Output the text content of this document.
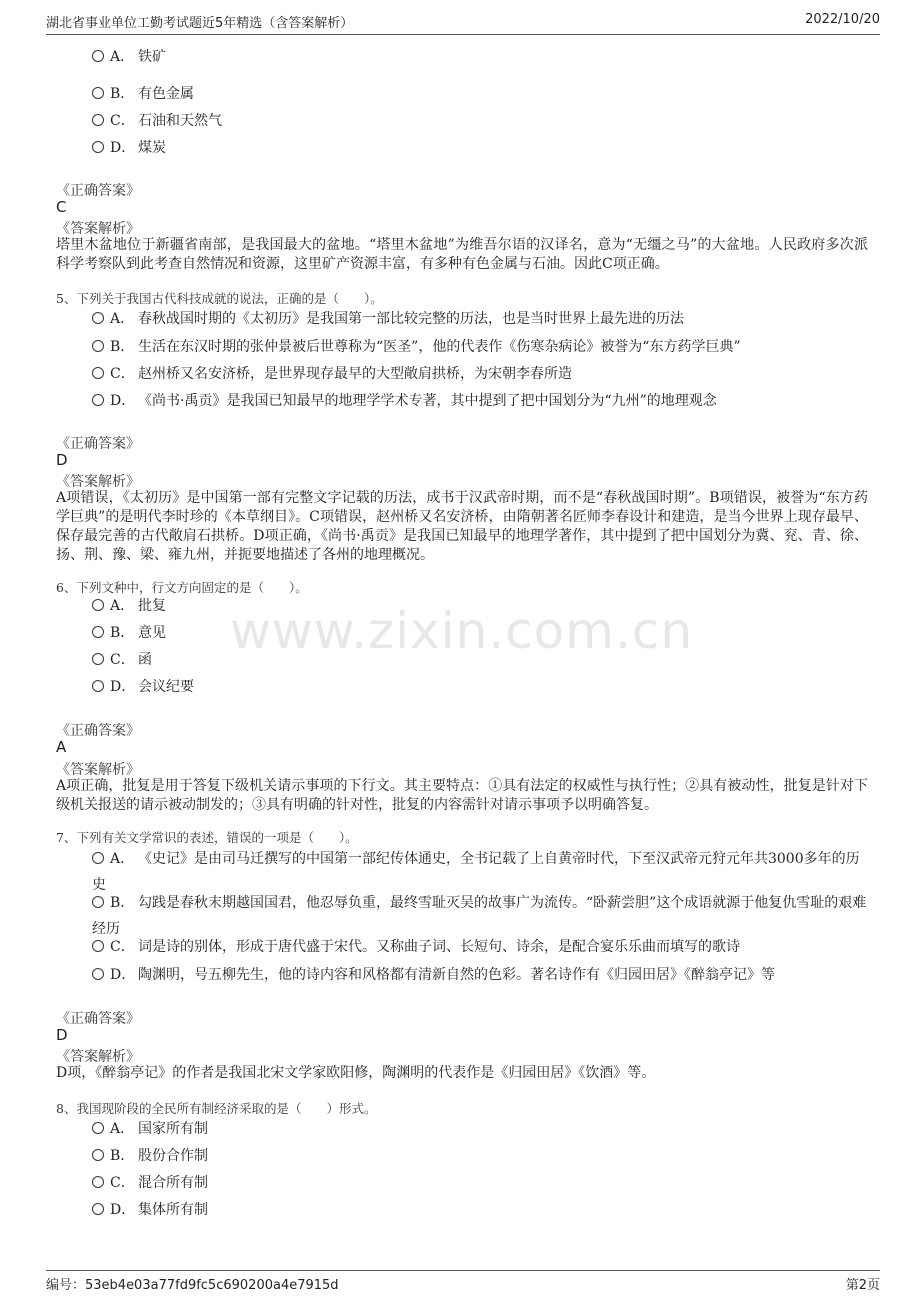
湖北省事业单位工勤考试题近5年精选（含答案解析）	2022/10/20
www.zixin.com.cn
A． 铁矿
B． 有色金属
C． 石油和天然气
D． 煤炭
《正确答案》
C
《答案解析》
塔里木盆地位于新疆省南部，是我国最大的盆地。“塔里木盆地”为维吾尔语的汉译名，意为“无缰之马”的大盆地。人民政府多次派科学考察队到此考查自然情况和资源，这里矿产资源丰富，有多种有色金属与石油。因此C项正确。
5、下列关于我国古代科技成就的说法，正确的是（　　）。
A． 春秋战国时期的《太初历》是我国第一部比较完整的历法，也是当时世界上最先进的历法
B． 生活在东汉时期的张仲景被后世尊称为“医圣”，他的代表作《伤寒杂病论》被誉为“东方药学巨典”
C． 赵州桥又名安济桥，是世界现存最早的大型敞肩拱桥，为宋朝李春所造
D． 《尚书·禹贡》是我国已知最早的地理学学术专著，其中提到了把中国划分为“九州”的地理观念
《正确答案》
D
《答案解析》
A项错误，《太初历》是中国第一部有完整文字记载的历法，成书于汉武帝时期，而不是“春秋战国时期”。B项错误，被誉为“东方药学巨典”的是明代李时珍的《本草纲目》。C项错误，赵州桥又名安济桥，由隋朝著名匠师李春设计和建造，是当今世界上现存最早、保存最完善的古代敞肩石拱桥。D项正确，《尚书·禹贡》是我国已知最早的地理学著作，其中提到了把中国划分为冀、兖、青、徐、扬、荆、豫、梁、雍九州，并扼要地描述了各州的地理概况。
6、下列文种中，行文方向固定的是（　　）。
A． 批复
B． 意见
C． 函
D． 会议纪要
《正确答案》
A
《答案解析》
A项正确，批复是用于答复下级机关请示事项的下行文。其主要特点：①具有法定的权威性与执行性；②具有被动性，批复是针对下级机关报送的请示被动制发的；③具有明确的针对性，批复的内容需针对请示事项予以明确答复。
7、下列有关文学常识的表述，错误的一项是（　　）。
A． 《史记》是由司马迁撰写的中国第一部纪传体通史，全书记载了上自黄帝时代，下至汉武帝元狩元年共3000多年的历史
B． 勾践是春秋末期越国国君，他忍辱负重，最终雪耻灭吴的故事广为流传。“卧薪尝胆”这个成语就源于他复仇雪耻的艰难经历
C． 词是诗的别体，形成于唐代盛于宋代。又称曲子词、长短句、诗余，是配合宴乐乐曲而填写的歌诗
D． 陶渊明，号五柳先生，他的诗内容和风格都有清新自然的色彩。著名诗作有《归园田居》《醉翁亭记》等
《正确答案》
D
《答案解析》
D项，《醉翁亭记》的作者是我国北宋文学家欧阳修，陶渊明的代表作是《归园田居》《饮酒》等。
8、我国现阶段的全民所有制经济采取的是（　　）形式。
A． 国家所有制
B． 股份合作制
C． 混合所有制
D． 集体所有制
编号：53eb4e03a77fd9fc5c690200a4e7915d	第2页
